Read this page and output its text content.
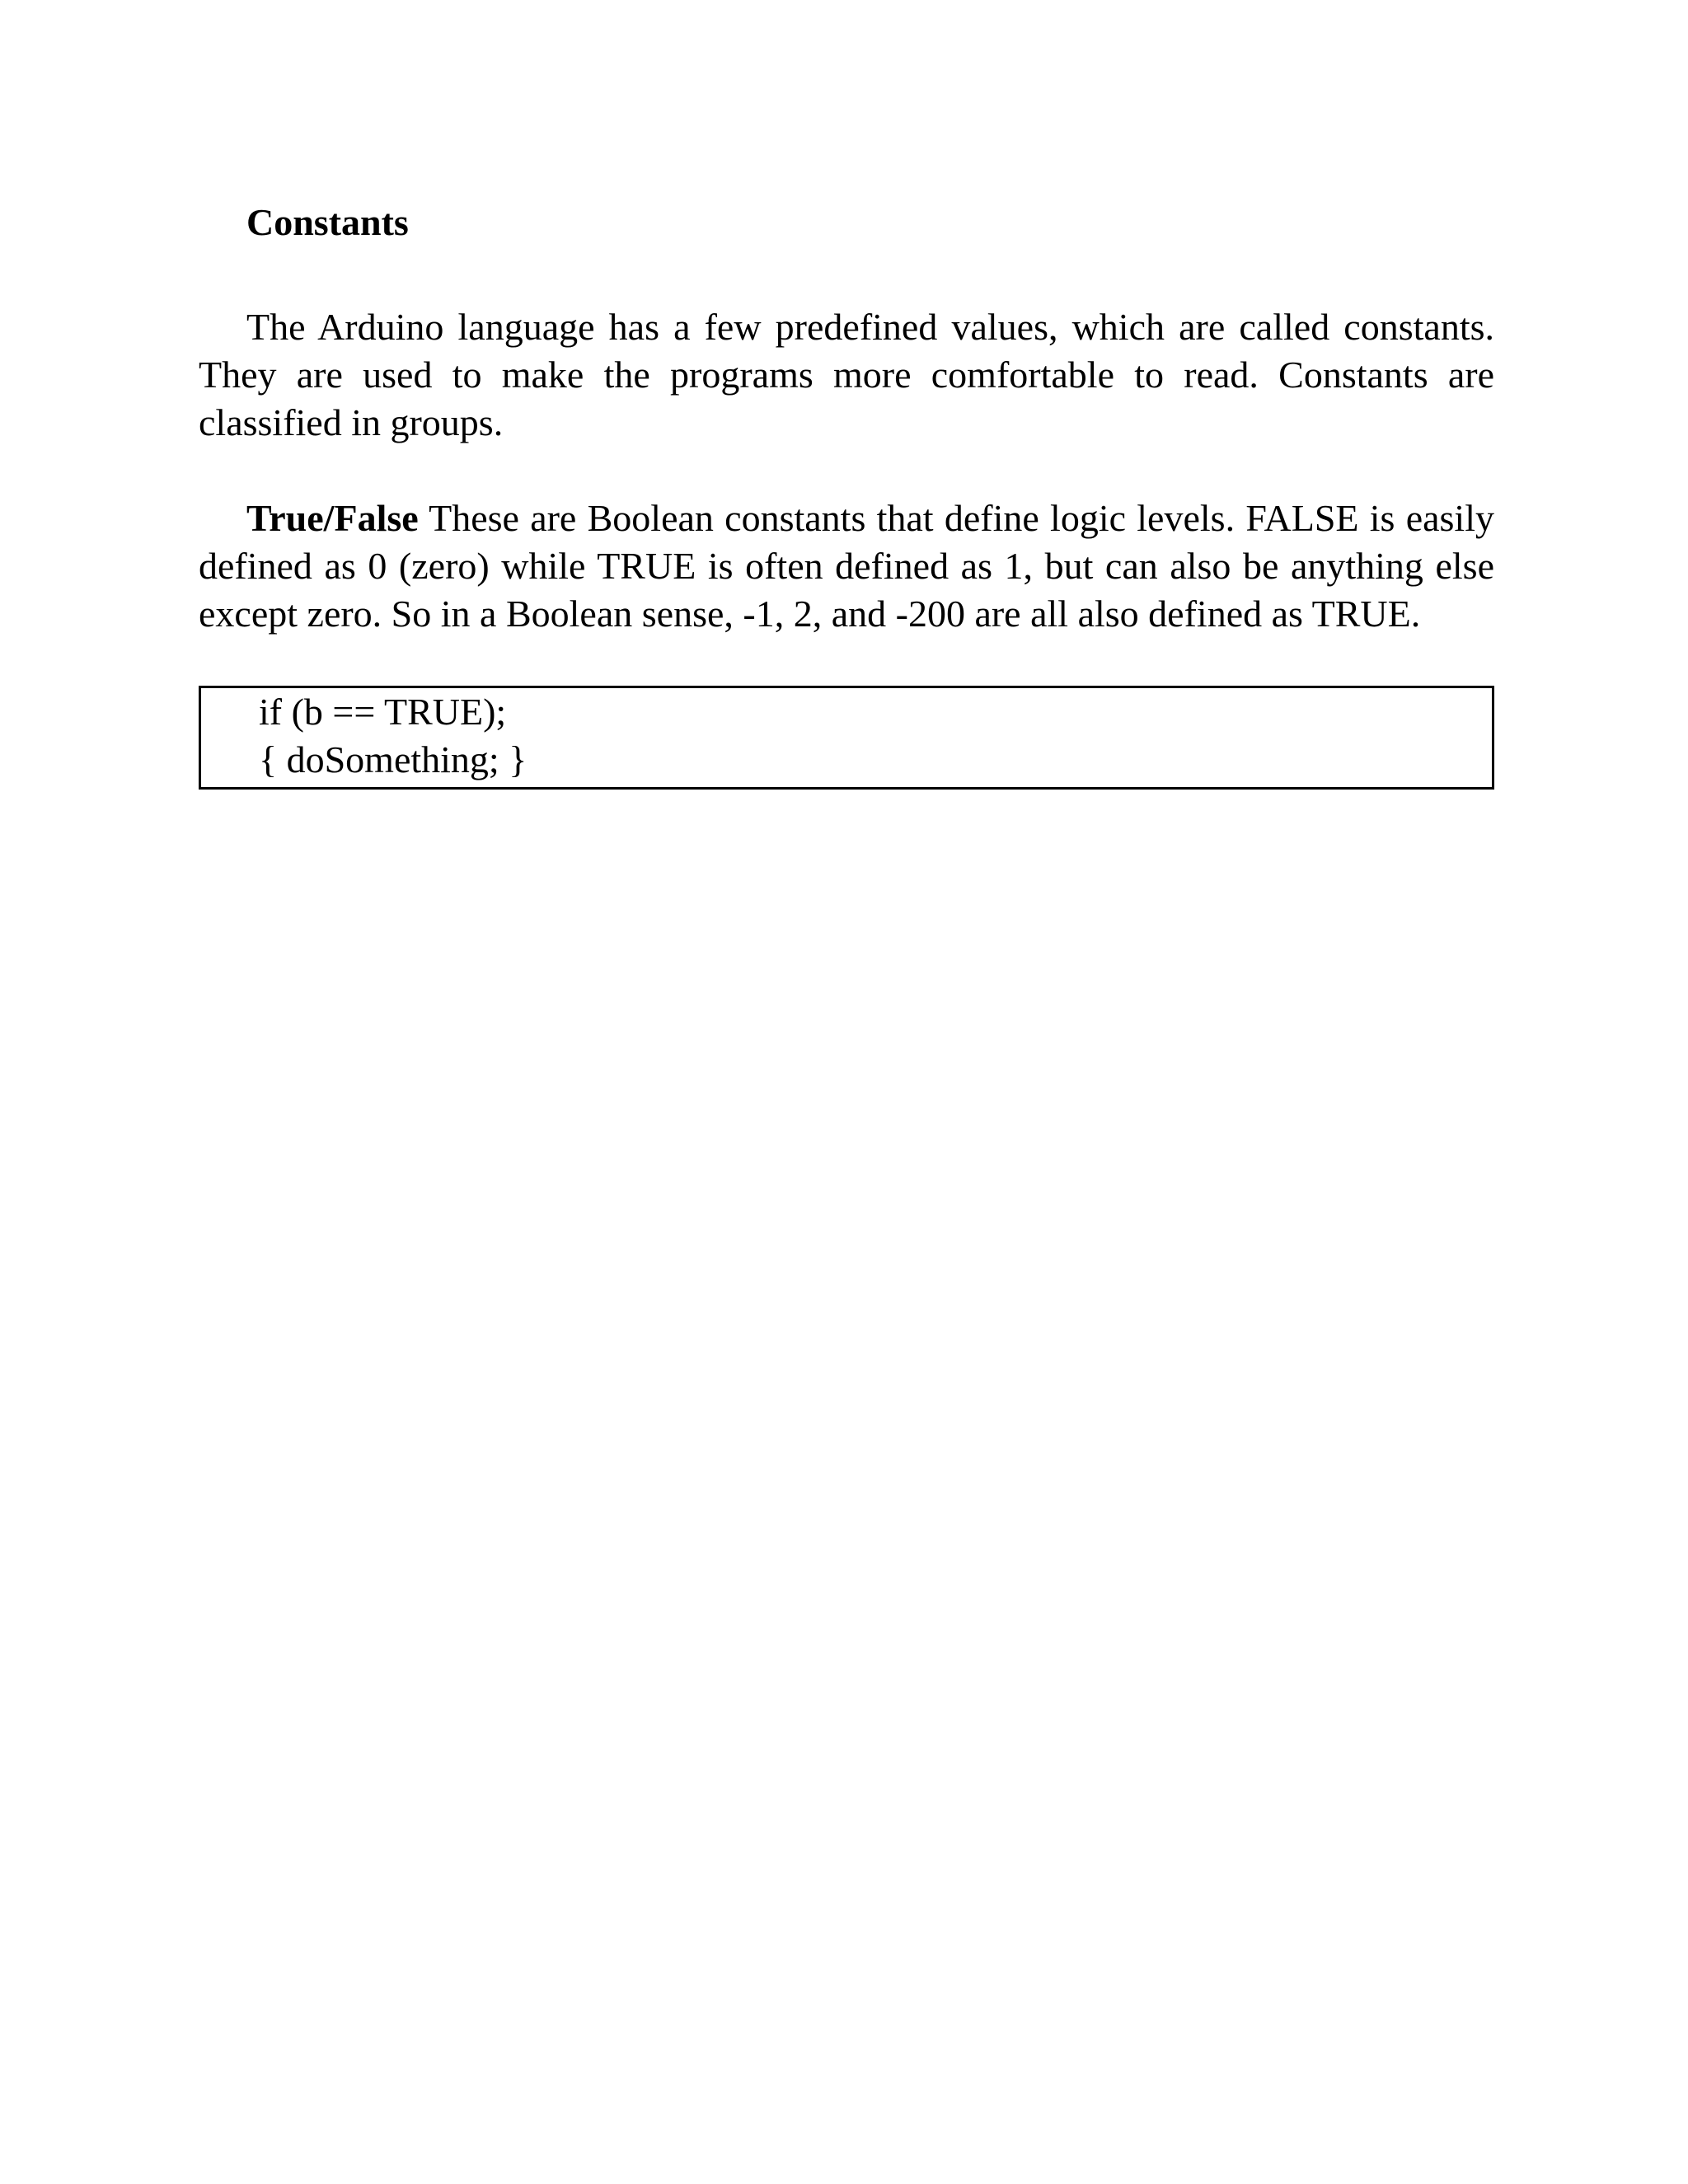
Constants

The Arduino language has a few predefined values, which are called constants. They are used to make the programs more comfortable to read. Constants are classified in groups.

True/False These are Boolean constants that define logic levels. FALSE is easily defined as 0 (zero) while TRUE is often defined as 1, but can also be anything else except zero. So in a Boolean sense, -1, 2, and -200 are all also defined as TRUE.

if (b == TRUE);
{ doSomething; }
